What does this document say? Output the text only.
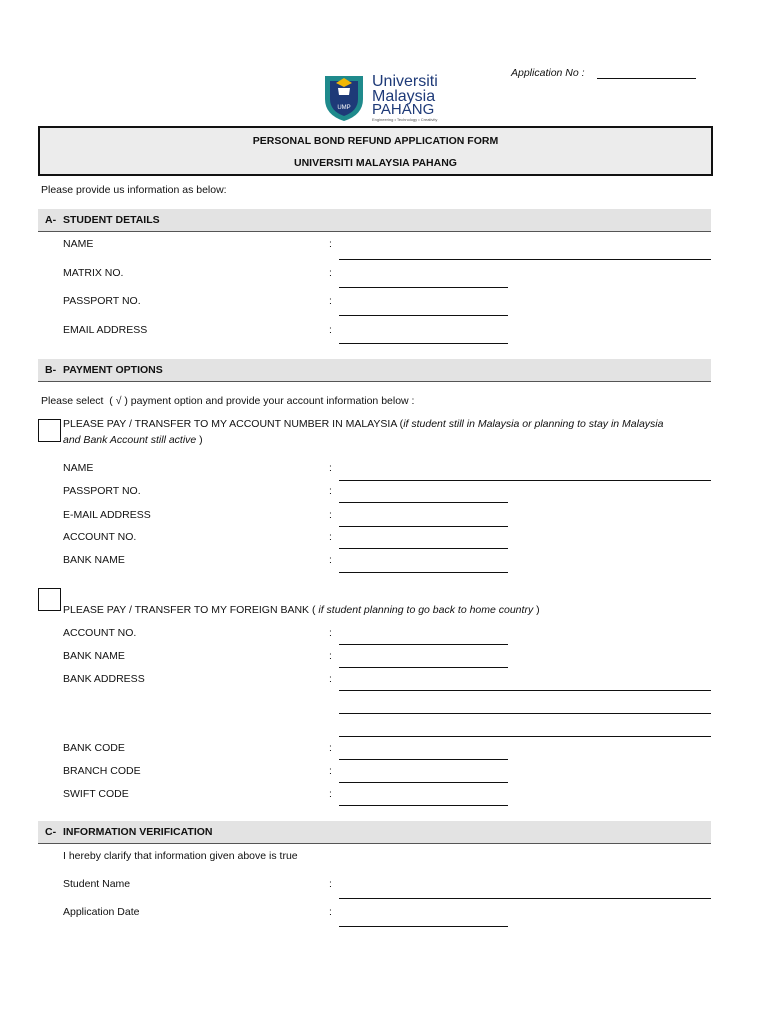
Application No :
UMP
Universiti
Malaysia
PAHANG
Engineering • Technology • Creativity
PERSONAL BOND REFUND APPLICATION FORM
UNIVERSITI MALAYSIA PAHANG
Please provide us information as below:
A- STUDENT DETAILS
NAME	:
MATRIX NO.	:
PASSPORT NO.	:
EMAIL ADDRESS	:
B- PAYMENT OPTIONS
Please select  ( √ ) payment option and provide your account information below :
PLEASE PAY / TRANSFER TO MY ACCOUNT NUMBER IN MALAYSIA (if student still in Malaysia or planning to stay in Malaysia
and Bank Account still active )
NAME	:
PASSPORT NO.	:
E-MAIL ADDRESS	:
ACCOUNT NO.	:
BANK NAME	:

PLEASE PAY / TRANSFER TO MY FOREIGN BANK ( if student planning to go back to home country )

ACCOUNT NO.	:
BANK NAME	:
BANK ADDRESS	:
BANK CODE	:
BRANCH CODE	:
SWIFT CODE	:
C- INFORMATION VERIFICATION
I hereby clarify that information given above is true
Student Name	:
Application Date	:
